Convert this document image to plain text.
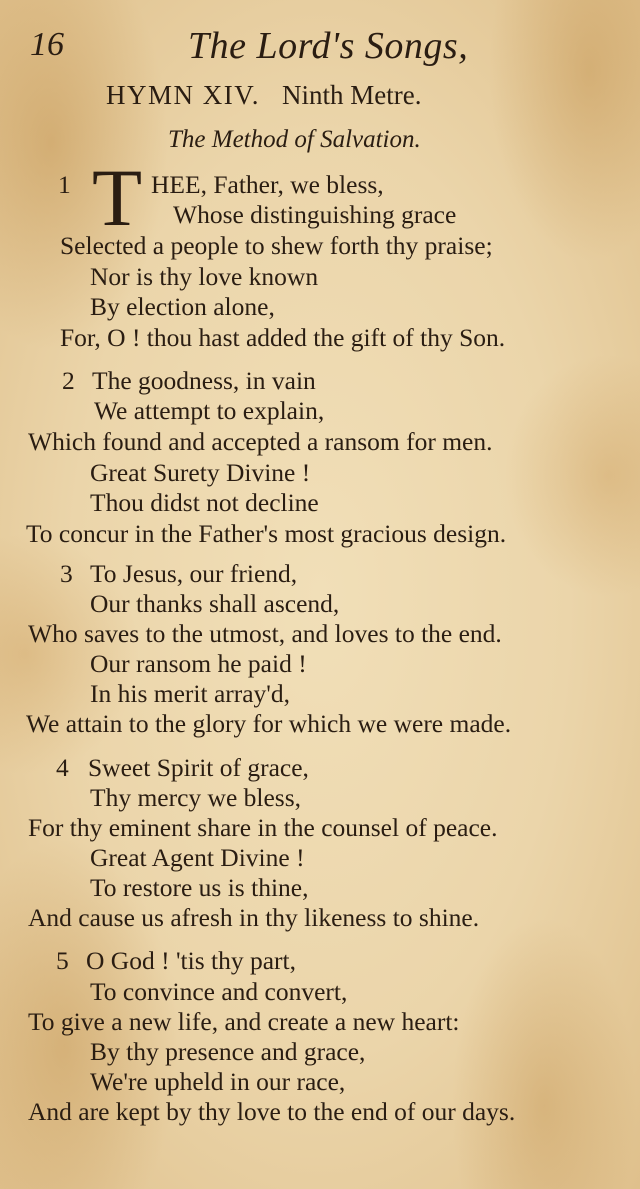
16	The Lord's Songs,
HYMN XIV. Ninth Metre.
The Method of Salvation.
1 T HEE, Father, we bless,
Whose distinguishing grace
Selected a people to shew forth thy praise;
Nor is thy love known
By election alone,
For, O ! thou hast added the gift of thy Son.
2 The goodness, in vain
We attempt to explain,
Which found and accepted a ransom for men.
Great Surety Divine !
Thou didst not decline
To concur in the Father's most gracious design.
3 To Jesus, our friend,
Our thanks shall ascend,
Who saves to the utmost, and loves to the end.
Our ransom he paid !
In his merit array'd,
We attain to the glory for which we were made.
4 Sweet Spirit of grace,
Thy mercy we bless,
For thy eminent share in the counsel of peace.
Great Agent Divine !
To restore us is thine,
And cause us afresh in thy likeness to shine.
5 O God ! 'tis thy part,
To convince and convert,
To give a new life, and create a new heart:
By thy presence and grace,
We're upheld in our race,
And are kept by thy love to the end of our days.
